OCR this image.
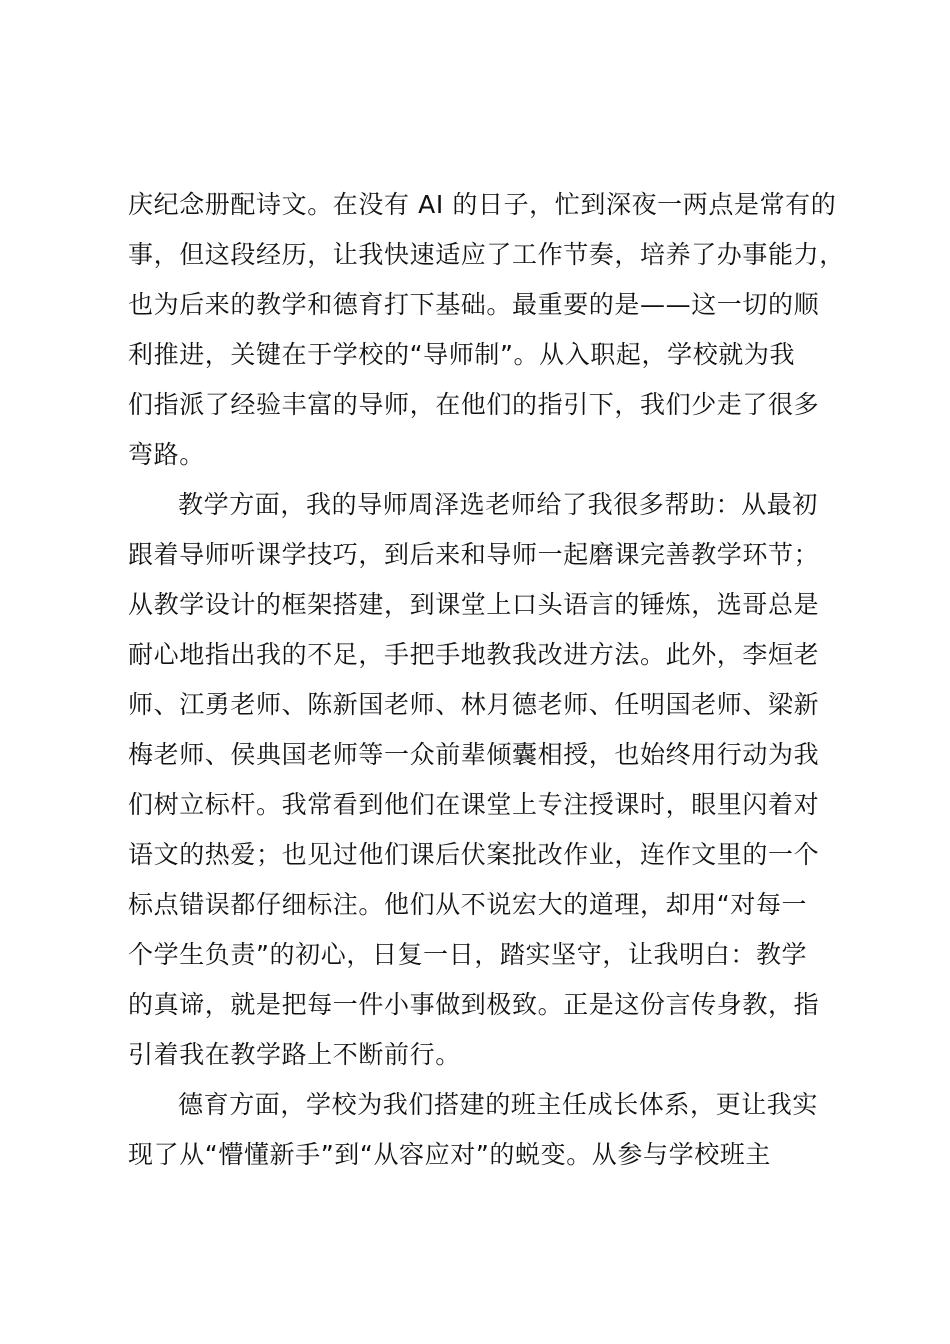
庆纪念册配诗文。在没有 AI 的日子，忙到深夜一两点是常有的
事，但这段经历，让我快速适应了工作节奏，培养了办事能力，
也为后来的教学和德育打下基础。最重要的是——这一切的顺
利推进，关键在于学校的“导师制”。从入职起，学校就为我
们指派了经验丰富的导师，在他们的指引下，我们少走了很多
弯路。
教学方面，我的导师周泽选老师给了我很多帮助：从最初
跟着导师听课学技巧，到后来和导师一起磨课完善教学环节；
从教学设计的框架搭建，到课堂上口头语言的锤炼，选哥总是
耐心地指出我的不足，手把手地教我改进方法。此外，李烜老
师、江勇老师、陈新国老师、林月德老师、任明国老师、梁新
梅老师、侯典国老师等一众前辈倾囊相授，也始终用行动为我
们树立标杆。我常看到他们在课堂上专注授课时，眼里闪着对
语文的热爱；也见过他们课后伏案批改作业，连作文里的一个
标点错误都仔细标注。他们从不说宏大的道理，却用“对每一
个学生负责”的初心，日复一日，踏实坚守，让我明白：教学
的真谛，就是把每一件小事做到极致。正是这份言传身教，指
引着我在教学路上不断前行。
德育方面，学校为我们搭建的班主任成长体系，更让我实
现了从“懵懂新手”到“从容应对”的蜕变。从参与学校班主
